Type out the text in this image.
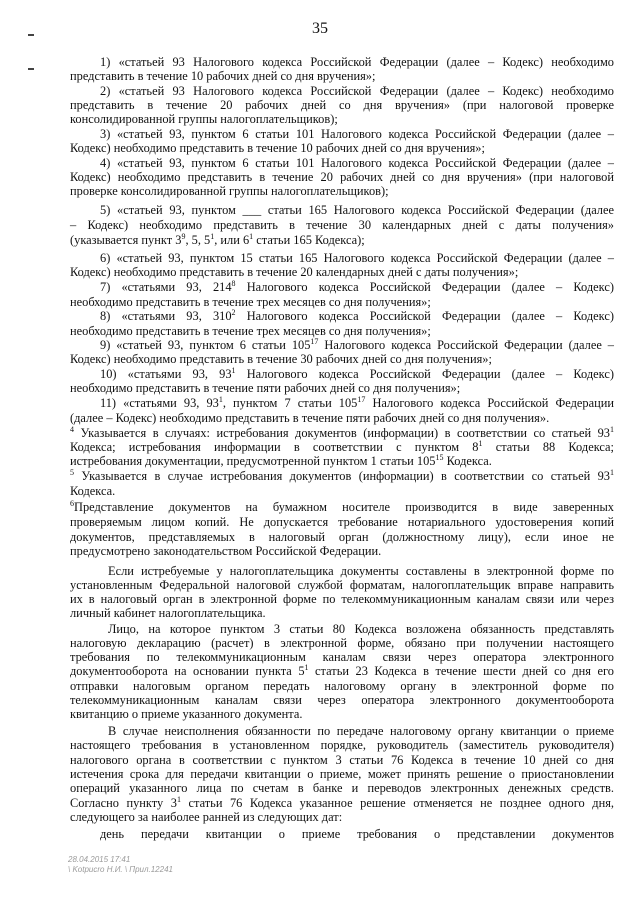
35
1) «статьей 93 Налогового кодекса Российской Федерации (далее – Кодекс) необходимо
представить в течение 10 рабочих дней со дня вручения»;
2) «статьей 93 Налогового кодекса Российской Федерации (далее – Кодекс) необходимо
представить в течение 20 рабочих дней со дня вручения» (при налоговой проверке
консолидированной группы налогоплательщиков);
3) «статьей 93, пунктом 6 статьи 101 Налогового кодекса Российской Федерации (далее –
Кодекс) необходимо представить в течение 10 рабочих дней со дня вручения»;
4) «статьей 93, пунктом 6 статьи 101 Налогового кодекса Российской Федерации (далее –
Кодекс) необходимо представить в течение 20 рабочих дней со дня вручения» (при налоговой
проверке консолидированной группы налогоплательщиков);
5) «статьей 93, пунктом ___ статьи 165 Налогового кодекса Российской Федерации (далее
– Кодекс) необходимо представить в течение 30 календарных дней с даты получения»
(указывается пункт $3^9$, 5, $5^1$, или $6^1$ статьи 165 Кодекса);
6) «статьей 93, пунктом 15 статьи 165 Налогового кодекса Российской Федерации (далее –
Кодекс) необходимо представить в течение 20 календарных дней с даты получения»;
7) «статьями 93, $214^8$ Налогового кодекса Российской Федерации (далее – Кодекс)
необходимо представить в течение трех месяцев со дня получения»;
8) «статьями 93, $310^2$ Налогового кодекса Российской Федерации (далее – Кодекс)
необходимо представить в течение трех месяцев со дня получения»;
9) «статьей 93, пунктом 6 статьи $105^{17}$ Налогового кодекса Российской Федерации (далее –
Кодекс) необходимо представить в течение 30 рабочих дней со дня получения»;
10) «статьями 93, $93^1$ Налогового кодекса Российской Федерации (далее – Кодекс)
необходимо представить в течение пяти рабочих дней со дня получения»;
11) «статьями 93, $93^1$, пунктом 7 статьи $105^{17}$ Налогового кодекса Российской Федерации
(далее – Кодекс) необходимо представить в течение пяти рабочих дней со дня получения».
$^4$ Указывается в случаях: истребования документов (информации) в соответствии со статьей $93^1$
Кодекса; истребования информации в соответствии с пунктом $8^1$ статьи 88 Кодекса;
истребования документации, предусмотренной пунктом 1 статьи $105^{15}$ Кодекса.
$^5$ Указывается в случае истребования документов (информации) в соответствии со статьей $93^1$
Кодекса.
$^6$Представление документов на бумажном носителе производится в виде заверенных
проверяемым лицом копий. Не допускается требование нотариального удостоверения копий
документов, представляемых в налоговый орган (должностному лицу), если иное не
предусмотрено законодательством Российской Федерации.
Если истребуемые у налогоплательщика документы составлены в электронной форме по
установленным Федеральной налоговой службой форматам, налогоплательщик вправе направить
их в налоговый орган в электронной форме по телекоммуникационным каналам связи или через
личный кабинет налогоплательщика.
Лицо, на которое пунктом 3 статьи 80 Кодекса возложена обязанность представлять
налоговую декларацию (расчет) в электронной форме, обязано при получении настоящего
требования по телекоммуникационным каналам связи через оператора электронного
документооборота на основании пункта $5^1$ статьи 23 Кодекса в течение шести дней со дня его
отправки налоговым органом передать налоговому органу в электронной форме по
телекоммуникационным каналам связи через оператора электронного документооборота
квитанцию о приеме указанного документа.
В случае неисполнения обязанности по передаче налоговому органу квитанции о приеме
настоящего требования в установленном порядке, руководитель (заместитель руководителя)
налогового органа в соответствии с пунктом 3 статьи 76 Кодекса в течение 10 дней со дня
истечения срока для передачи квитанции о приеме, может принять решение о приостановлении
операций указанного лица по счетам в банке и переводов электронных денежных средств.
Согласно пункту $3^1$ статьи 76 Кодекса указанное решение отменяется не позднее одного дня,
следующего за наиболее ранней из следующих дат:
день передачи квитанции о приеме требования о представлении документов
28.04.2015 17:41
\ Kotpucro H.И. \ Прил.12241
